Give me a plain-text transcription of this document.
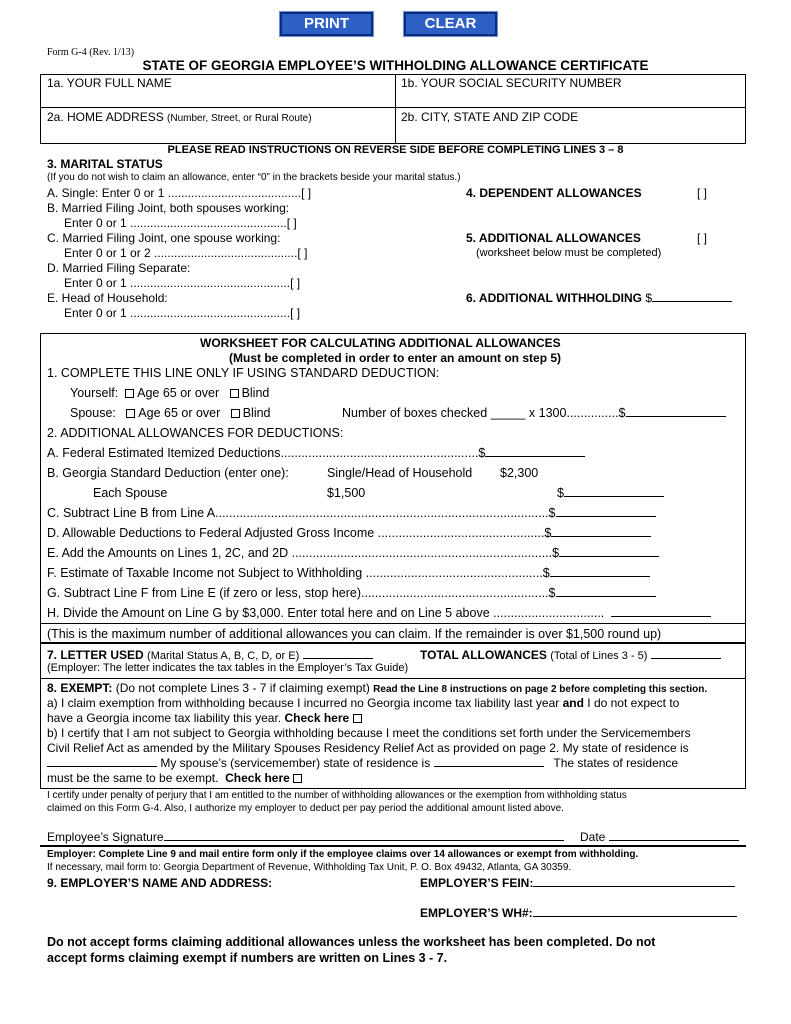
PRINT	CLEAR
Form G-4 (Rev. 1/13)
STATE OF GEORGIA EMPLOYEE’S WITHHOLDING ALLOWANCE CERTIFICATE
1a. YOUR FULL NAME	1b. YOUR SOCIAL SECURITY NUMBER
2a. HOME ADDRESS (Number, Street, or Rural Route)	2b. CITY, STATE AND ZIP CODE
PLEASE READ INSTRUCTIONS ON REVERSE SIDE BEFORE COMPLETING LINES 3 – 8
3. MARITAL STATUS
(If you do not wish to claim an allowance, enter “0” in the brackets beside your marital status.)
A. Single: Enter 0 or 1 ........................................[ ]
B. Married Filing Joint, both spouses working:
Enter 0 or 1 ...............................................[ ]
C. Married Filing Joint, one spouse working:
Enter 0 or 1 or 2 ...........................................[ ]
D. Married Filing Separate:
Enter 0 or 1 ................................................[ ]
E. Head of Household:
Enter 0 or 1 ................................................[ ]
4. DEPENDENT ALLOWANCES	[ ]
5. ADDITIONAL ALLOWANCES	[ ]
(worksheet below must be completed)
6. ADDITIONAL WITHHOLDING $
WORKSHEET FOR CALCULATING ADDITIONAL ALLOWANCES
(Must be completed in order to enter an amount on step 5)
1. COMPLETE THIS LINE ONLY IF USING STANDARD DEDUCTION:
Yourself: Age 65 or over Blind
Spouse: Age 65 or over Blind	Number of boxes checked _____ x 1300...............$
2. ADDITIONAL ALLOWANCES FOR DEDUCTIONS:
A. Federal Estimated Itemized Deductions.........................................................$
B. Georgia Standard Deduction (enter one):	Single/Head of Household $2,300
Each Spouse	$1,500	$
C. Subtract Line B from Line A................................................................................................$
D. Allowable Deductions to Federal Adjusted Gross Income ................................................$
E. Add the Amounts on Lines 1, 2C, and 2D ...........................................................................$
F. Estimate of Taxable Income not Subject to Withholding ...................................................$
G. Subtract Line F from Line E (if zero or less, stop here)......................................................$
H. Divide the Amount on Line G by $3,000. Enter total here and on Line 5 above ................................
(This is the maximum number of additional allowances you can claim. If the remainder is over $1,500 round up)
7. LETTER USED (Marital Status A, B, C, D, or E)	TOTAL ALLOWANCES (Total of Lines 3 - 5)
(Employer: The letter indicates the tax tables in the Employer’s Tax Guide)
8. EXEMPT: (Do not complete Lines 3 - 7 if claiming exempt) Read the Line 8 instructions on page 2 before completing this section.
a) I claim exemption from withholding because I incurred no Georgia income tax liability last year and I do not expect to
have a Georgia income tax liability this year. Check here
b) I certify that I am not subject to Georgia withholding because I meet the conditions set forth under the Servicemembers
Civil Relief Act as amended by the Military Spouses Residency Relief Act as provided on page 2. My state of residence is
My spouse’s (servicemember) state of residence is	The states of residence
must be the same to be exempt. Check here
I certify under penalty of perjury that I am entitled to the number of withholding allowances or the exemption from withholding status
claimed on this Form G-4. Also, I authorize my employer to deduct per pay period the additional amount listed above.
Employee’s Signature	Date
Employer: Complete Line 9 and mail entire form only if the employee claims over 14 allowances or exempt from withholding.
If necessary, mail form to: Georgia Department of Revenue, Withholding Tax Unit, P. O. Box 49432, Atlanta, GA 30359.
9. EMPLOYER’S NAME AND ADDRESS:	EMPLOYER’S FEIN:
EMPLOYER’S WH#:
Do not accept forms claiming additional allowances unless the worksheet has been completed. Do not
accept forms claiming exempt if numbers are written on Lines 3 - 7.
